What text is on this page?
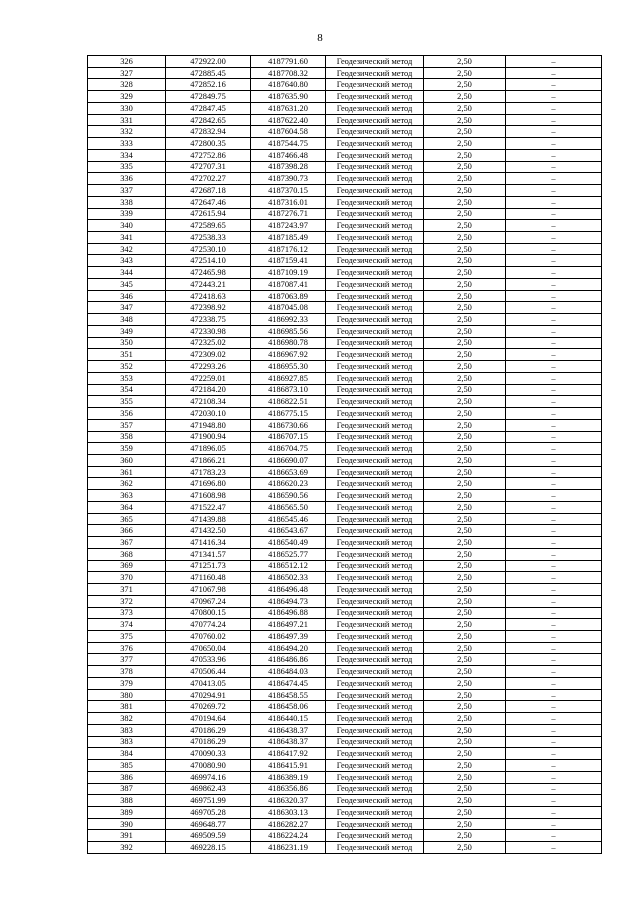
8
326	472922.00	4187791.60	Геодезический метод	2,50	–
327	472885.45	4187708.32	Геодезический метод	2,50	–
328	472852.16	4187640.80	Геодезический метод	2,50	–
329	472849.75	4187635.90	Геодезический метод	2,50	–
330	472847.45	4187631.20	Геодезический метод	2,50	–
331	472842.65	4187622.40	Геодезический метод	2,50	–
332	472832.94	4187604.58	Геодезический метод	2,50	–
333	472800.35	4187544.75	Геодезический метод	2,50	–
334	472752.86	4187466.48	Геодезический метод	2,50	–
335	472707.31	4187398.28	Геодезический метод	2,50	–
336	472702.27	4187390.73	Геодезический метод	2,50	–
337	472687.18	4187370.15	Геодезический метод	2,50	–
338	472647.46	4187316.01	Геодезический метод	2,50	–
339	472615.94	4187276.71	Геодезический метод	2,50	–
340	472589.65	4187243.97	Геодезический метод	2,50	–
341	472538.33	4187185.49	Геодезический метод	2,50	–
342	472530.10	4187176.12	Геодезический метод	2,50	–
343	472514.10	4187159.41	Геодезический метод	2,50	–
344	472465.98	4187109.19	Геодезический метод	2,50	–
345	472443.21	4187087.41	Геодезический метод	2,50	–
346	472418.63	4187063.89	Геодезический метод	2,50	–
347	472398.92	4187045.08	Геодезический метод	2,50	–
348	472338.75	4186992.33	Геодезический метод	2,50	–
349	472330.98	4186985.56	Геодезический метод	2,50	–
350	472325.02	4186980.78	Геодезический метод	2,50	–
351	472309.02	4186967.92	Геодезический метод	2,50	–
352	472293.26	4186955.30	Геодезический метод	2,50	–
353	472259.01	4186927.85	Геодезический метод	2,50	–
354	472184.20	4186873.10	Геодезический метод	2,50	–
355	472108.34	4186822.51	Геодезический метод	2,50	–
356	472030.10	4186775.15	Геодезический метод	2,50	–
357	471948.80	4186730.66	Геодезический метод	2,50	–
358	471900.94	4186707.15	Геодезический метод	2,50	–
359	471896.05	4186704.75	Геодезический метод	2,50	–
360	471866.21	4186690.07	Геодезический метод	2,50	–
361	471783.23	4186653.69	Геодезический метод	2,50	–
362	471696.80	4186620.23	Геодезический метод	2,50	–
363	471608.98	4186590.56	Геодезический метод	2,50	–
364	471522.47	4186565.50	Геодезический метод	2,50	–
365	471439.88	4186545.46	Геодезический метод	2,50	–
366	471432.50	4186543.67	Геодезический метод	2,50	–
367	471416.34	4186540.49	Геодезический метод	2,50	–
368	471341.57	4186525.77	Геодезический метод	2,50	–
369	471251.73	4186512.12	Геодезический метод	2,50	–
370	471160.48	4186502.33	Геодезический метод	2,50	–
371	471067.98	4186496.48	Геодезический метод	2,50	–
372	470967.24	4186494.73	Геодезический метод	2,50	–
373	470800.15	4186496.88	Геодезический метод	2,50	–
374	470774.24	4186497.21	Геодезический метод	2,50	–
375	470760.02	4186497.39	Геодезический метод	2,50	–
376	470650.04	4186494.20	Геодезический метод	2,50	–
377	470533.96	4186486.86	Геодезический метод	2,50	–
378	470506.44	4186484.03	Геодезический метод	2,50	–
379	470413.05	4186474.45	Геодезический метод	2,50	–
380	470294.91	4186458.55	Геодезический метод	2,50	–
381	470269.72	4186458.06	Геодезический метод	2,50	–
382	470194.64	4186440.15	Геодезический метод	2,50	–
383	470186.29	4186438.37	Геодезический метод	2,50	–
383	470186.29	4186438.37	Геодезический метод	2,50	–
384	470090.33	4186417.92	Геодезический метод	2,50	–
385	470080.90	4186415.91	Геодезический метод	2,50	–
386	469974.16	4186389.19	Геодезический метод	2,50	–
387	469862.43	4186356.86	Геодезический метод	2,50	–
388	469751.99	4186320.37	Геодезический метод	2,50	–
389	469705.28	4186303.13	Геодезический метод	2,50	–
390	469648.77	4186282.27	Геодезический метод	2,50	–
391	469509.59	4186224.24	Геодезический метод	2,50	–
392	469228.15	4186231.19	Геодезический метод	2,50	–
